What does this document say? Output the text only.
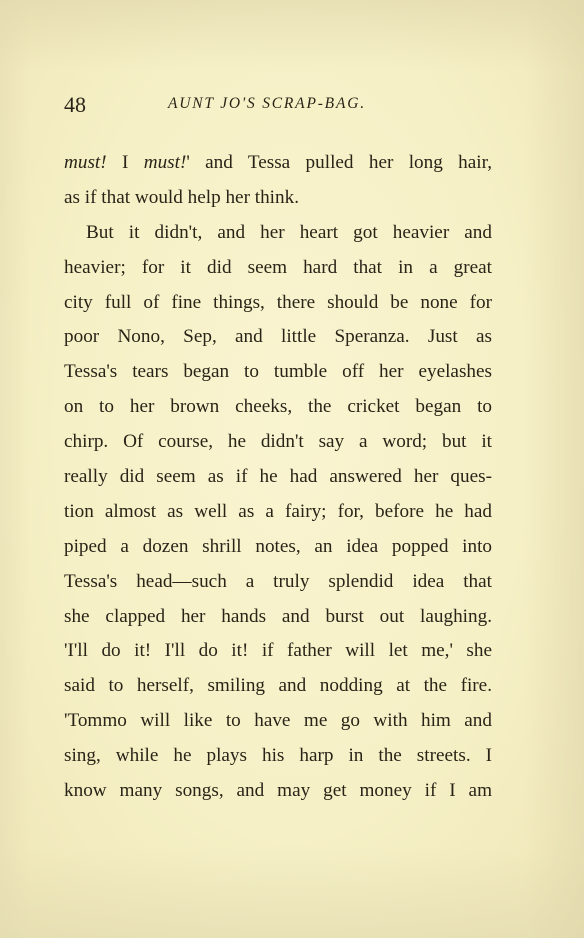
48	AUNT JO'S SCRAP-BAG.
must! I must!' and Tessa pulled her long hair,
as if that would help her think.
But it didn't, and her heart got heavier and
heavier; for it did seem hard that in a great
city full of fine things, there should be none for
poor Nono, Sep, and little Speranza. Just as
Tessa's tears began to tumble off her eyelashes
on to her brown cheeks, the cricket began to
chirp. Of course, he didn't say a word; but it
really did seem as if he had answered her ques-
tion almost as well as a fairy; for, before he had
piped a dozen shrill notes, an idea popped into
Tessa's head—such a truly splendid idea that
she clapped her hands and burst out laughing.
'I'll do it! I'll do it! if father will let me,' she
said to herself, smiling and nodding at the fire.
'Tommo will like to have me go with him and
sing, while he plays his harp in the streets. I
know many songs, and may get money if I am
